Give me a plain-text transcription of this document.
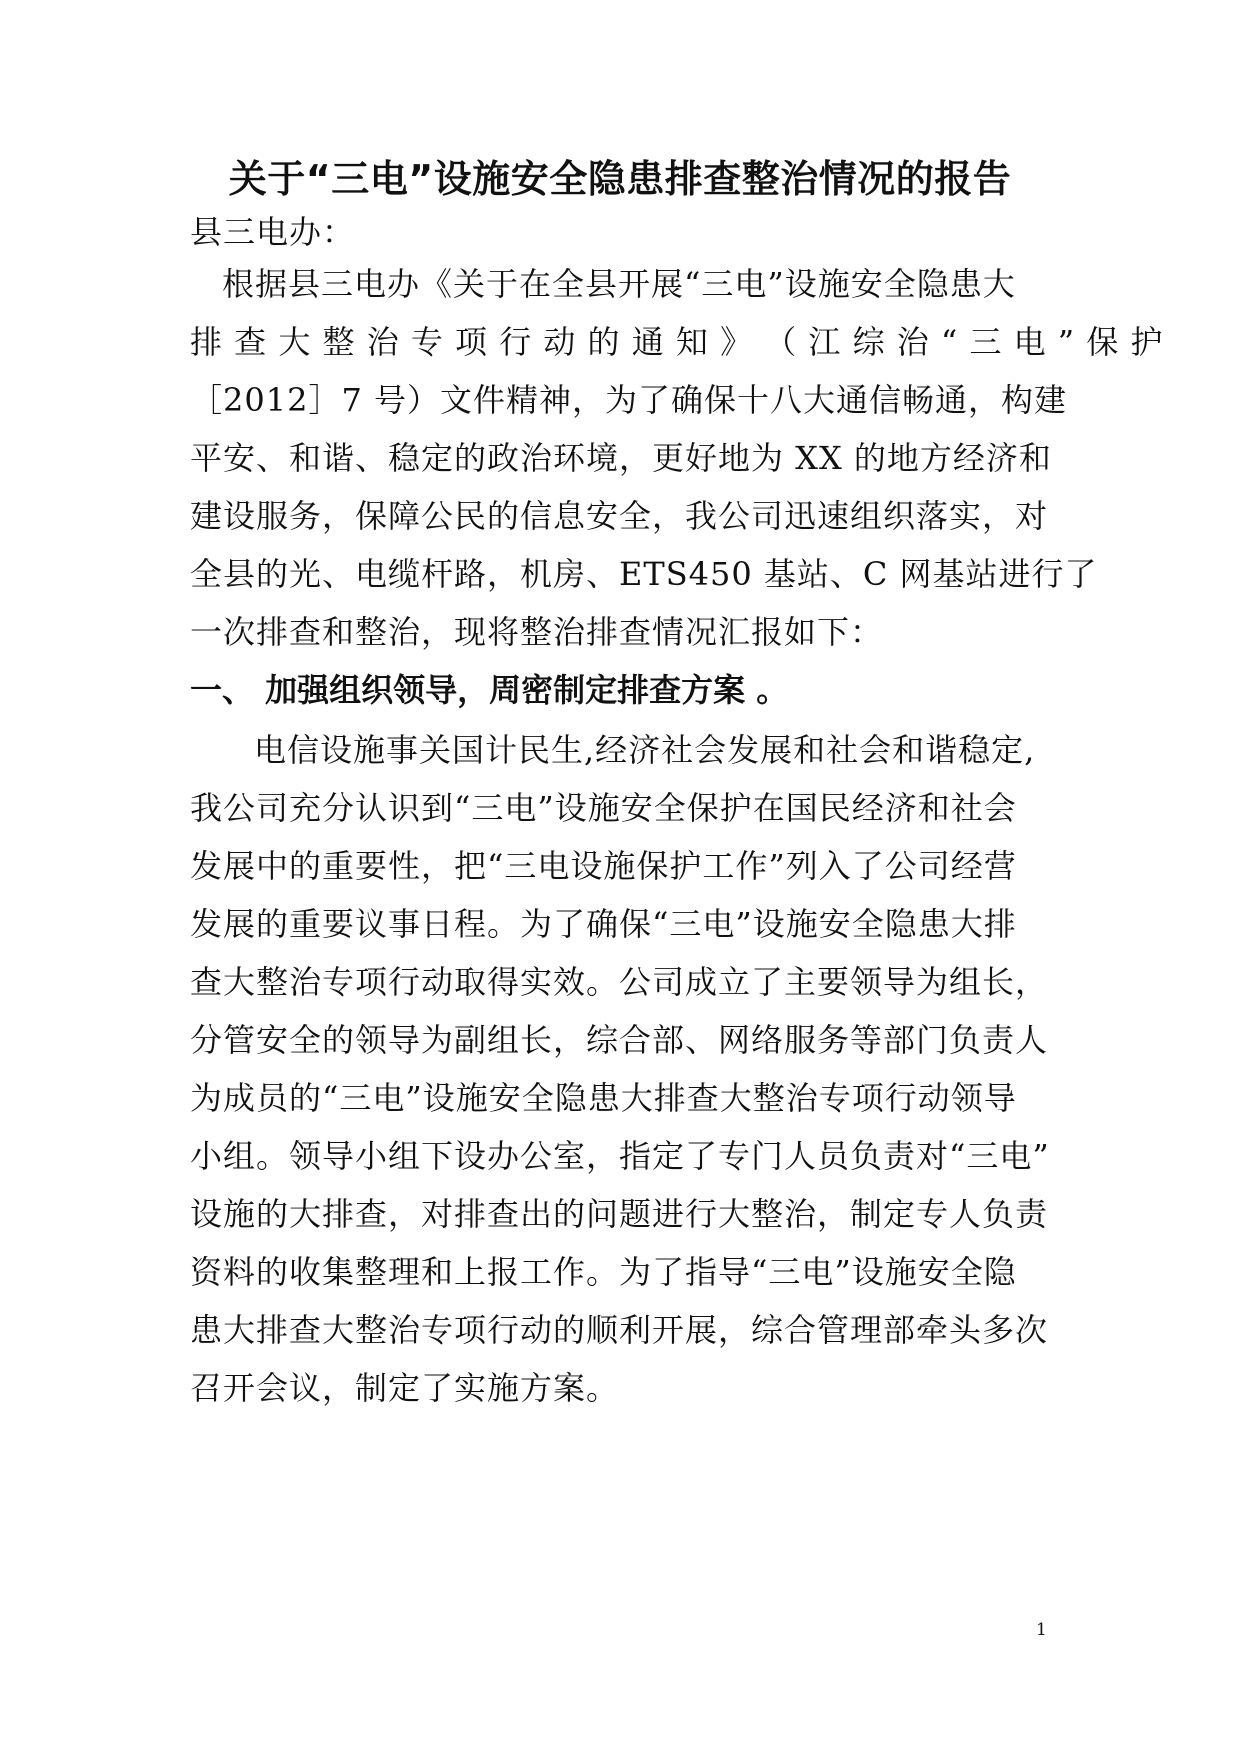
关于“三电”设施安全隐患排查整治情况的报告
县三电办：
根据县三电办《关于在全县开展“三电”设施安全隐患大
排 查 大 整 治 专 项 行 动 的 通 知 》 （ 江 综 治 “ 三 电 ” 保 护
［2012］7 号）文件精神，为了确保十八大通信畅通，构建
平安、和谐、稳定的政治环境，更好地为 XX 的地方经济和
建设服务，保障公民的信息安全，我公司迅速组织落实，对
全县的光、电缆杆路，机房、ETS450 基站、C 网基站进行了
一次排查和整治，现将整治排查情况汇报如下：
一、 加强组织领导，周密制定排查方案 。
电信设施事关国计民生,经济社会发展和社会和谐稳定,
我公司充分认识到“三电”设施安全保护在国民经济和社会
发展中的重要性，把“三电设施保护工作”列入了公司经营
发展的重要议事日程。为了确保“三电”设施安全隐患大排
查大整治专项行动取得实效。公司成立了主要领导为组长，
分管安全的领导为副组长，综合部、网络服务等部门负责人
为成员的“三电”设施安全隐患大排查大整治专项行动领导
小组。领导小组下设办公室，指定了专门人员负责对“三电”
设施的大排查，对排查出的问题进行大整治，制定专人负责
资料的收集整理和上报工作。为了指导“三电”设施安全隐
患大排查大整治专项行动的顺利开展，综合管理部牵头多次
召开会议，制定了实施方案。
1
